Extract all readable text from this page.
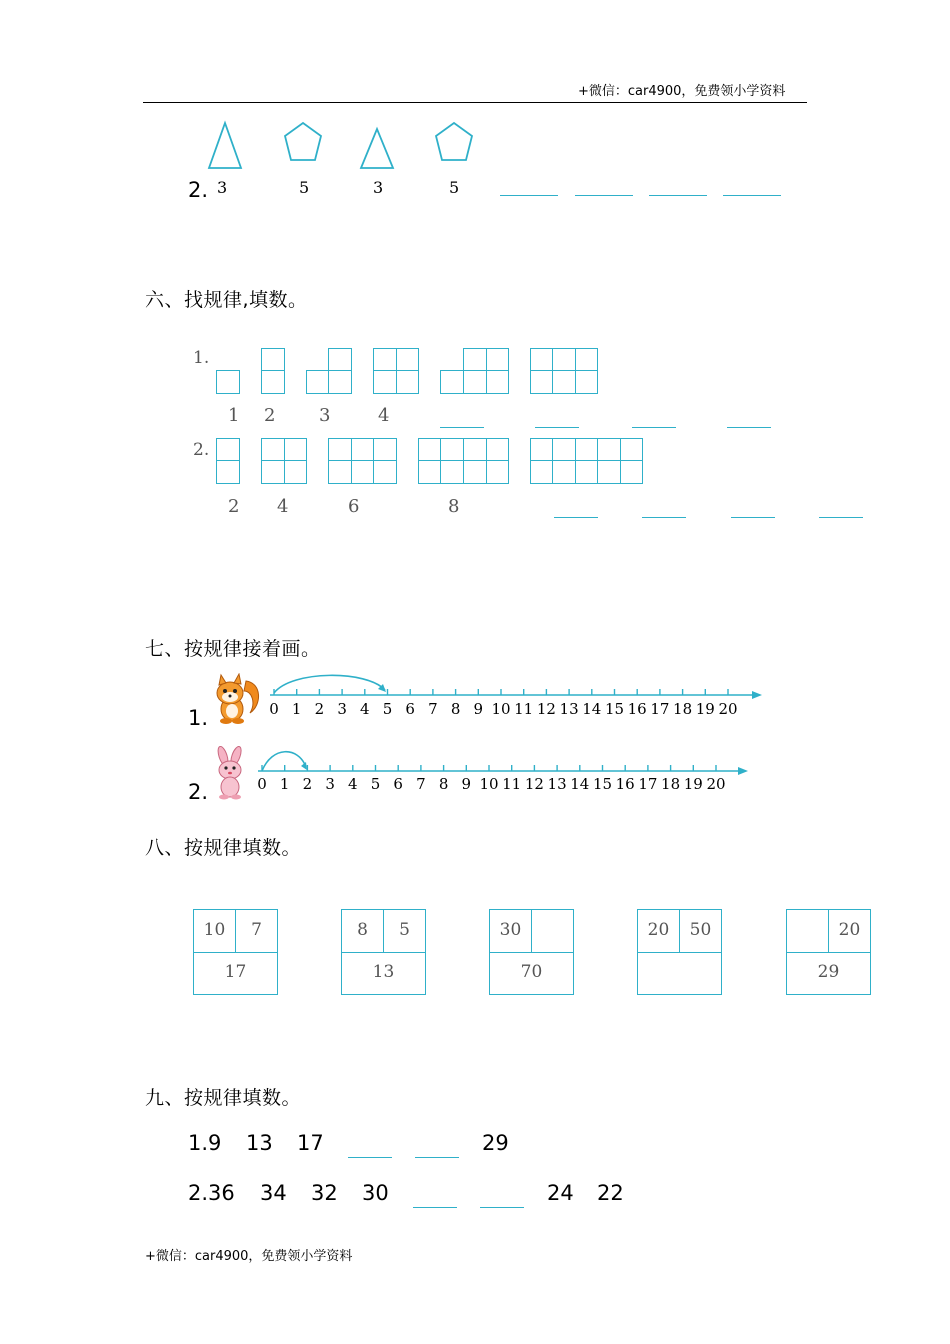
+微信：car4900，免费领小学资料
2. 3	5	3	5
六、找规律,填数。
1.
1 2 3	4
2.
2 4	6	8
七、按规律接着画。
1.	0 1 2 3 4 5 6 7 8 9 10 11 12 13 14 15 16 17 18 19 20
2.	0 1 2 3 4 5 6 7 8 9 10 11 12 13 14 15 16 17 18 19 20
八、按规律填数。
10	7
17
8	5
13
30
70
20	50	20
29
九、按规律填数。
1.9 13 17	29
2.36 34 32 30	24 22
+微信：car4900，免费领小学资料
